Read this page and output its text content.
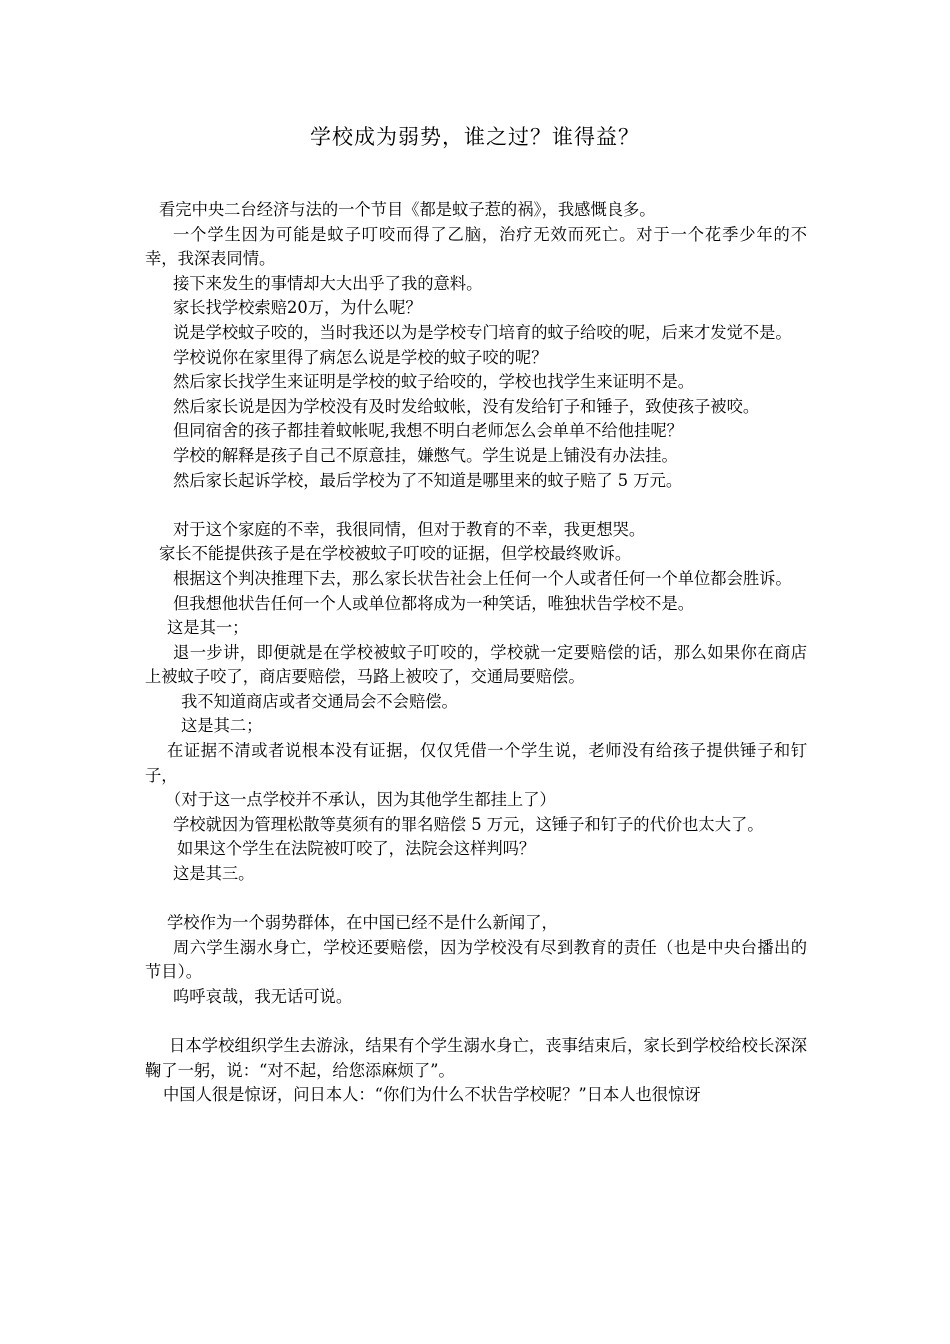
学校成为弱势，谁之过？谁得益？

看完中央二台经济与法的一个节目《都是蚊子惹的祸》，我感慨良多。

一个学生因为可能是蚊子叮咬而得了乙脑，治疗无效而死亡。对于一个花季少年的不幸，我深表同情。

接下来发生的事情却大大出乎了我的意料。

家长找学校索赔20万，为什么呢？

说是学校蚊子咬的，当时我还以为是学校专门培育的蚊子给咬的呢，后来才发觉不是。

学校说你在家里得了病怎么说是学校的蚊子咬的呢？

然后家长找学生来证明是学校的蚊子给咬的，学校也找学生来证明不是。

然后家长说是因为学校没有及时发给蚊帐，没有发给钉子和锤子，致使孩子被咬。

但同宿舍的孩子都挂着蚊帐呢,我想不明白老师怎么会单单不给他挂呢？

学校的解释是孩子自己不原意挂，嫌憋气。学生说是上铺没有办法挂。

然后家长起诉学校，最后学校为了不知道是哪里来的蚊子赔了 5 万元。

对于这个家庭的不幸，我很同情，但对于教育的不幸，我更想哭。

家长不能提供孩子是在学校被蚊子叮咬的证据，但学校最终败诉。

根据这个判决推理下去，那么家长状告社会上任何一个人或者任何一个单位都会胜诉。

但我想他状告任何一个人或单位都将成为一种笑话，唯独状告学校不是。

这是其一；

退一步讲，即便就是在学校被蚊子叮咬的，学校就一定要赔偿的话，那么如果你在商店上被蚊子咬了，商店要赔偿，马路上被咬了，交通局要赔偿。

我不知道商店或者交通局会不会赔偿。

这是其二；

在证据不清或者说根本没有证据，仅仅凭借一个学生说，老师没有给孩子提供锤子和钉子，

（对于这一点学校并不承认，因为其他学生都挂上了）

学校就因为管理松散等莫须有的罪名赔偿 5 万元，这锤子和钉子的代价也太大了。

如果这个学生在法院被叮咬了，法院会这样判吗？

这是其三。

学校作为一个弱势群体，在中国已经不是什么新闻了，

周六学生溺水身亡，学校还要赔偿，因为学校没有尽到教育的责任（也是中央台播出的节目）。

呜呼哀哉，我无话可说。

日本学校组织学生去游泳，结果有个学生溺水身亡，丧事结束后，家长到学校给校长深深鞠了一躬，说：“对不起，给您添麻烦了”。

中国人很是惊讶，问日本人：“你们为什么不状告学校呢？”日本人也很惊讶
